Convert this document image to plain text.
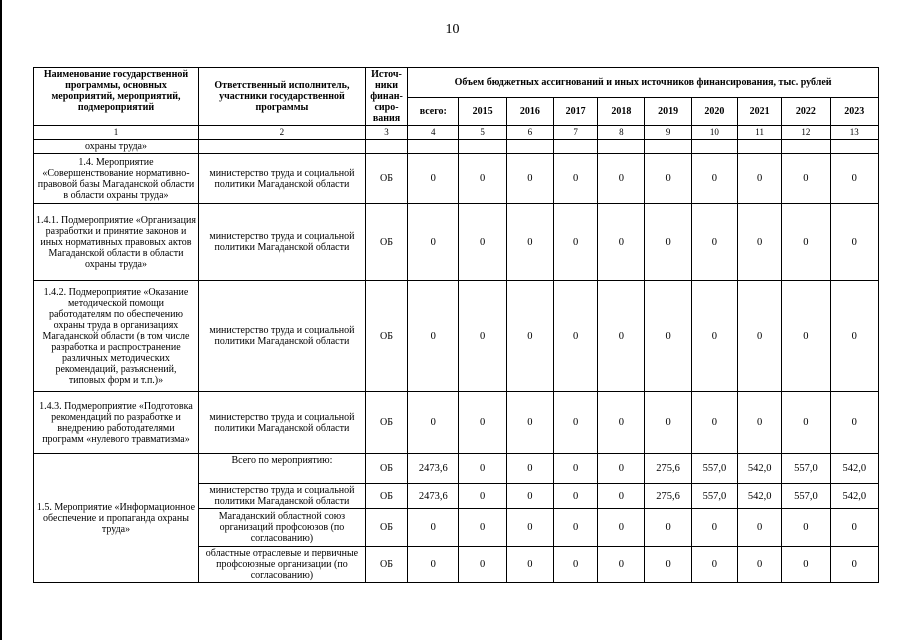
10
Наименование государственной программы, основных мероприятий, мероприятий, подмероприятий	Ответственный исполнитель, участники государственной программы	Источ-ники финан-сиро-вания	Объем бюджетных ассигнований и иных источников финансирования, тыс. рублей									
			всего:	2015	2016	2017	2018	2019	2020	2021	2022	2023
1	2	3	4	5	6	7	8	9	10	11	12	13
охраны труда»												
1.4. Мероприятие «Совершенствование нормативно-правовой базы Магаданской области в области охраны труда»	министерство труда и социальной политики Магаданской области	ОБ	0	0	0	0	0	0	0	0	0	0
1.4.1. Подмероприятие «Организация разработки и принятие законов и иных нормативных правовых актов Магаданской области в области охраны труда»	министерство труда и социальной политики Магаданской области	ОБ	0	0	0	0	0	0	0	0	0	0
1.4.2. Подмероприятие «Оказание методической помощи работодателям по обеспечению охраны труда в организациях Магаданской области (в том числе разработка и распространение различных методических рекомендаций, разъяснений, типовых форм и т.п.)»	министерство труда и социальной политики Магаданской области	ОБ	0	0	0	0	0	0	0	0	0	0
1.4.3. Подмероприятие «Подготовка рекомендаций по разработке и внедрению работодателями программ «нулевого травматизма»	министерство труда и социальной политики Магаданской области	ОБ	0	0	0	0	0	0	0	0	0	0
1.5. Мероприятие «Информационное обеспечение и пропаганда охраны труда»	Всего по мероприятию:	ОБ	2473,6	0	0	0	0	275,6	557,0	542,0	557,0	542,0
	министерство труда и социальной политики Магаданской области	ОБ	2473,6	0	0	0	0	275,6	557,0	542,0	557,0	542,0
	Магаданский областной союз организаций профсоюзов (по согласованию)	ОБ	0	0	0	0	0	0	0	0	0	0
	областные отраслевые и первичные профсоюзные организации (по согласованию)	ОБ	0	0	0	0	0	0	0	0	0	0
